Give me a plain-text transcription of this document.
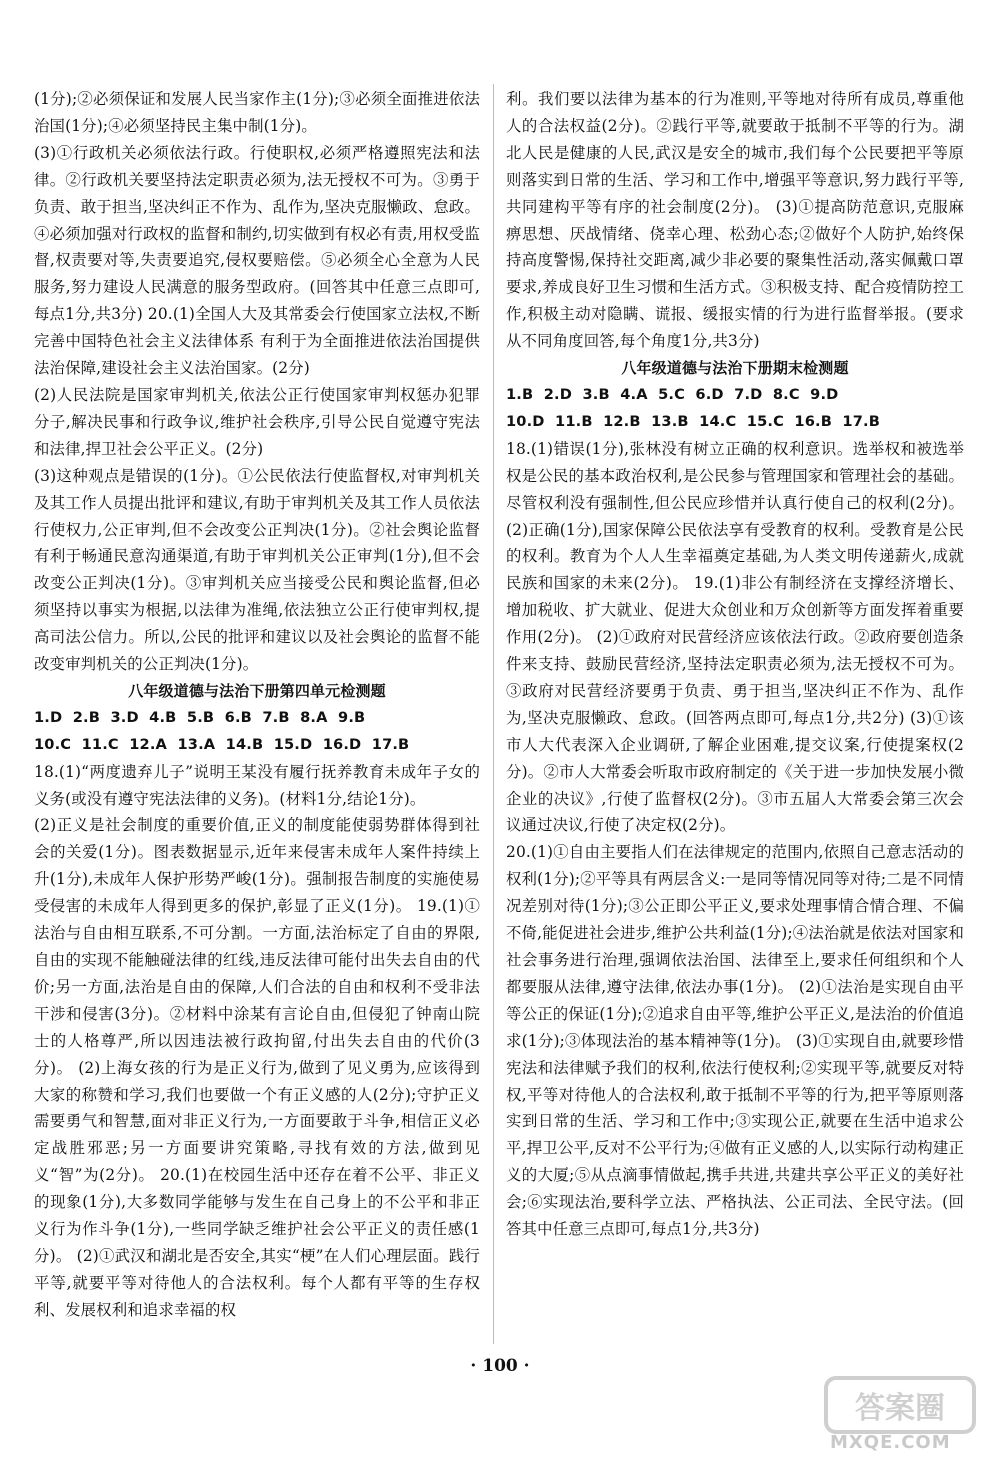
(1分);②必须保证和发展人民当家作主(1分);③必须全面推进依法治国(1分);④必须坚持民主集中制(1分)。

(3)①行政机关必须依法行政。行使职权,必须严格遵照宪法和法律。②行政机关要坚持法定职责必须为,法无授权不可为。③勇于负责、敢于担当,坚决纠正不作为、乱作为,坚决克服懒政、怠政。④必须加强对行政权的监督和制约,切实做到有权必有责,用权受监督,权责要对等,失责要追究,侵权要赔偿。⑤必须全心全意为人民服务,努力建设人民满意的服务型政府。(回答其中任意三点即可,每点1分,共3分) 20.(1)全国人大及其常委会行使国家立法权,不断完善中国特色社会主义法律体系 有利于为全面推进依法治国提供法治保障,建设社会主义法治国家。(2分)

(2)人民法院是国家审判机关,依法公正行使国家审判权惩办犯罪分子,解决民事和行政争议,维护社会秩序,引导公民自觉遵守宪法和法律,捍卫社会公平正义。(2分)

(3)这种观点是错误的(1分)。①公民依法行使监督权,对审判机关及其工作人员提出批评和建议,有助于审判机关及其工作人员依法行使权力,公正审判,但不会改变公正判决(1分)。②社会舆论监督有利于畅通民意沟通渠道,有助于审判机关公正审判(1分),但不会改变公正判决(1分)。③审判机关应当接受公民和舆论监督,但必须坚持以事实为根据,以法律为准绳,依法独立公正行使审判权,提高司法公信力。所以,公民的批评和建议以及社会舆论的监督不能改变审判机关的公正判决(1分)。

八年级道德与法治下册第四单元检测题

1.D  2.B  3.D  4.B  5.B  6.B  7.B  8.A  9.B

10.C  11.C  12.A  13.A  14.B  15.D  16.D  17.B

18.(1)“两度遗弃儿子”说明王某没有履行抚养教育未成年子女的义务(或没有遵守宪法法律的义务)。(材料1分,结论1分)。

(2)正义是社会制度的重要价值,正义的制度能使弱势群体得到社会的关爱(1分)。图表数据显示,近年来侵害未成年人案件持续上升(1分),未成年人保护形势严峻(1分)。强制报告制度的实施使易受侵害的未成年人得到更多的保护,彰显了正义(1分)。 19.(1)①法治与自由相互联系,不可分割。一方面,法治标定了自由的界限,自由的实现不能触碰法律的红线,违反法律可能付出失去自由的代价;另一方面,法治是自由的保障,人们合法的自由和权利不受非法干涉和侵害(3分)。②材料中涂某有言论自由,但侵犯了钟南山院士的人格尊严,所以因违法被行政拘留,付出失去自由的代价(3分)。 (2)上海女孩的行为是正义行为,做到了见义勇为,应该得到大家的称赞和学习,我们也要做一个有正义感的人(2分);守护正义需要勇气和智慧,面对非正义行为,一方面要敢于斗争,相信正义必定战胜邪恶;另一方面要讲究策略,寻找有效的方法,做到见义“智”为(2分)。 20.(1)在校园生活中还存在着不公平、非正义的现象(1分),大多数同学能够与发生在自己身上的不公平和非正义行为作斗争(1分),一些同学缺乏维护社会公平正义的责任感(1分)。 (2)①武汉和湖北是否安全,其实“梗”在人们心理层面。践行平等,就要平等对待他人的合法权利。每个人都有平等的生存权利、发展权利和追求幸福的权

利。我们要以法律为基本的行为准则,平等地对待所有成员,尊重他人的合法权益(2分)。②践行平等,就要敢于抵制不平等的行为。湖北人民是健康的人民,武汉是安全的城市,我们每个公民要把平等原则落实到日常的生活、学习和工作中,增强平等意识,努力践行平等,共同建构平等有序的社会制度(2分)。 (3)①提高防范意识,克服麻痹思想、厌战情绪、侥幸心理、松劲心态;②做好个人防护,始终保持高度警惕,保持社交距离,减少非必要的聚集性活动,落实佩戴口罩要求,养成良好卫生习惯和生活方式。③积极支持、配合疫情防控工作,积极主动对隐瞒、谎报、缓报实情的行为进行监督举报。(要求从不同角度回答,每个角度1分,共3分)

八年级道德与法治下册期末检测题

1.B  2.D  3.B  4.A  5.C  6.D  7.D  8.C  9.D

10.D  11.B  12.B  13.B  14.C  15.C  16.B  17.B

18.(1)错误(1分),张林没有树立正确的权利意识。选举权和被选举权是公民的基本政治权利,是公民参与管理国家和管理社会的基础。尽管权利没有强制性,但公民应珍惜并认真行使自己的权利(2分)。 (2)正确(1分),国家保障公民依法享有受教育的权利。受教育是公民的权利。教育为个人人生幸福奠定基础,为人类文明传递薪火,成就民族和国家的未来(2分)。 19.(1)非公有制经济在支撑经济增长、增加税收、扩大就业、促进大众创业和万众创新等方面发挥着重要作用(2分)。 (2)①政府对民营经济应该依法行政。②政府要创造条件来支持、鼓励民营经济,坚持法定职责必须为,法无授权不可为。③政府对民营经济要勇于负责、勇于担当,坚决纠正不作为、乱作为,坚决克服懒政、怠政。(回答两点即可,每点1分,共2分) (3)①该市人大代表深入企业调研,了解企业困难,提交议案,行使提案权(2分)。②市人大常委会听取市政府制定的《关于进一步加快发展小微企业的决议》,行使了监督权(2分)。③市五届人大常委会第三次会议通过决议,行使了决定权(2分)。

20.(1)①自由主要指人们在法律规定的范围内,依照自己意志活动的权利(1分);②平等具有两层含义:一是同等情况同等对待;二是不同情况差别对待(1分);③公正即公平正义,要求处理事情合情合理、不偏不倚,能促进社会进步,维护公共利益(1分);④法治就是依法对国家和社会事务进行治理,强调依法治国、法律至上,要求任何组织和个人都要服从法律,遵守法律,依法办事(1分)。 (2)①法治是实现自由平等公正的保证(1分);②追求自由平等,维护公平正义,是法治的价值追求(1分);③体现法治的基本精神等(1分)。 (3)①实现自由,就要珍惜宪法和法律赋予我们的权利,依法行使权利;②实现平等,就要反对特权,平等对待他人的合法权利,敢于抵制不平等的行为,把平等原则落实到日常的生活、学习和工作中;③实现公正,就要在生活中追求公平,捍卫公平,反对不公平行为;④做有正义感的人,以实际行动构建正义的大厦;⑤从点滴事情做起,携手共进,共建共享公平正义的美好社会;⑥实现法治,要科学立法、严格执法、公正司法、全民守法。(回答其中任意三点即可,每点1分,共3分)

· 100 ·
答案圈
MXQE.COM
